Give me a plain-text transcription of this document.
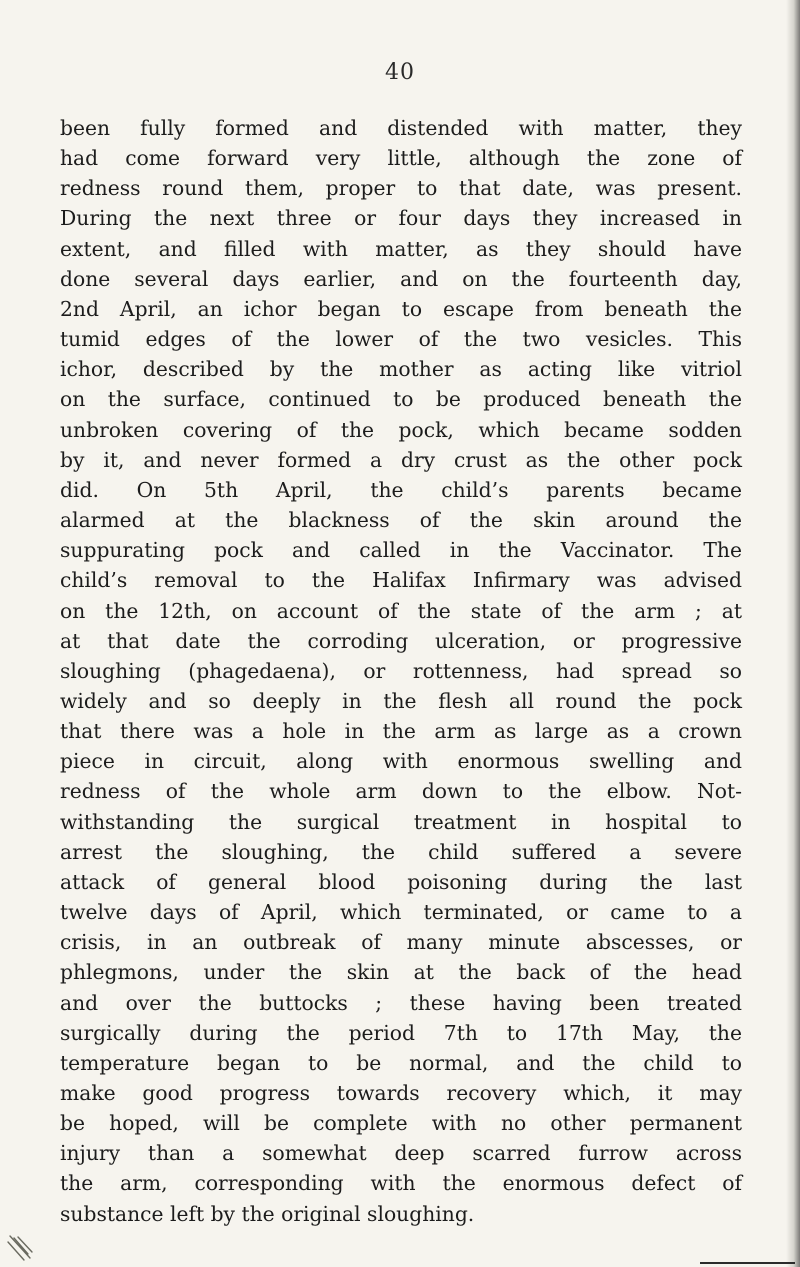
40
been fully formed and distended with matter, they
had come forward very little, although the zone of
redness round them, proper to that date, was present.
During the next three or four days they increased in
extent, and filled with matter, as they should have
done several days earlier, and on the fourteenth day,
2nd April, an ichor began to escape from beneath the
tumid edges of the lower of the two vesicles. This
ichor, described by the mother as acting like vitriol
on the surface, continued to be produced beneath the
unbroken covering of the pock, which became sodden
by it, and never formed a dry crust as the other pock
did. On 5th April, the child’s parents became
alarmed at the blackness of the skin around the
suppurating pock and called in the Vaccinator. The
child’s removal to the Halifax Infirmary was advised
on the 12th, on account of the state of the arm ; at
at that date the corroding ulceration, or progressive
sloughing (phagedaena), or rottenness, had spread so
widely and so deeply in the flesh all round the pock
that there was a hole in the arm as large as a crown
piece in circuit, along with enormous swelling and
redness of the whole arm down to the elbow. Not-
withstanding the surgical treatment in hospital to
arrest the sloughing, the child suffered a severe
attack of general blood poisoning during the last
twelve days of April, which terminated, or came to a
crisis, in an outbreak of many minute abscesses, or
phlegmons, under the skin at the back of the head
and over the buttocks ; these having been treated
surgically during the period 7th to 17th May, the
temperature began to be normal, and the child to
make good progress towards recovery which, it may
be hoped, will be complete with no other permanent
injury than a somewhat deep scarred furrow across
the arm, corresponding with the enormous defect of
substance left by the original sloughing.
